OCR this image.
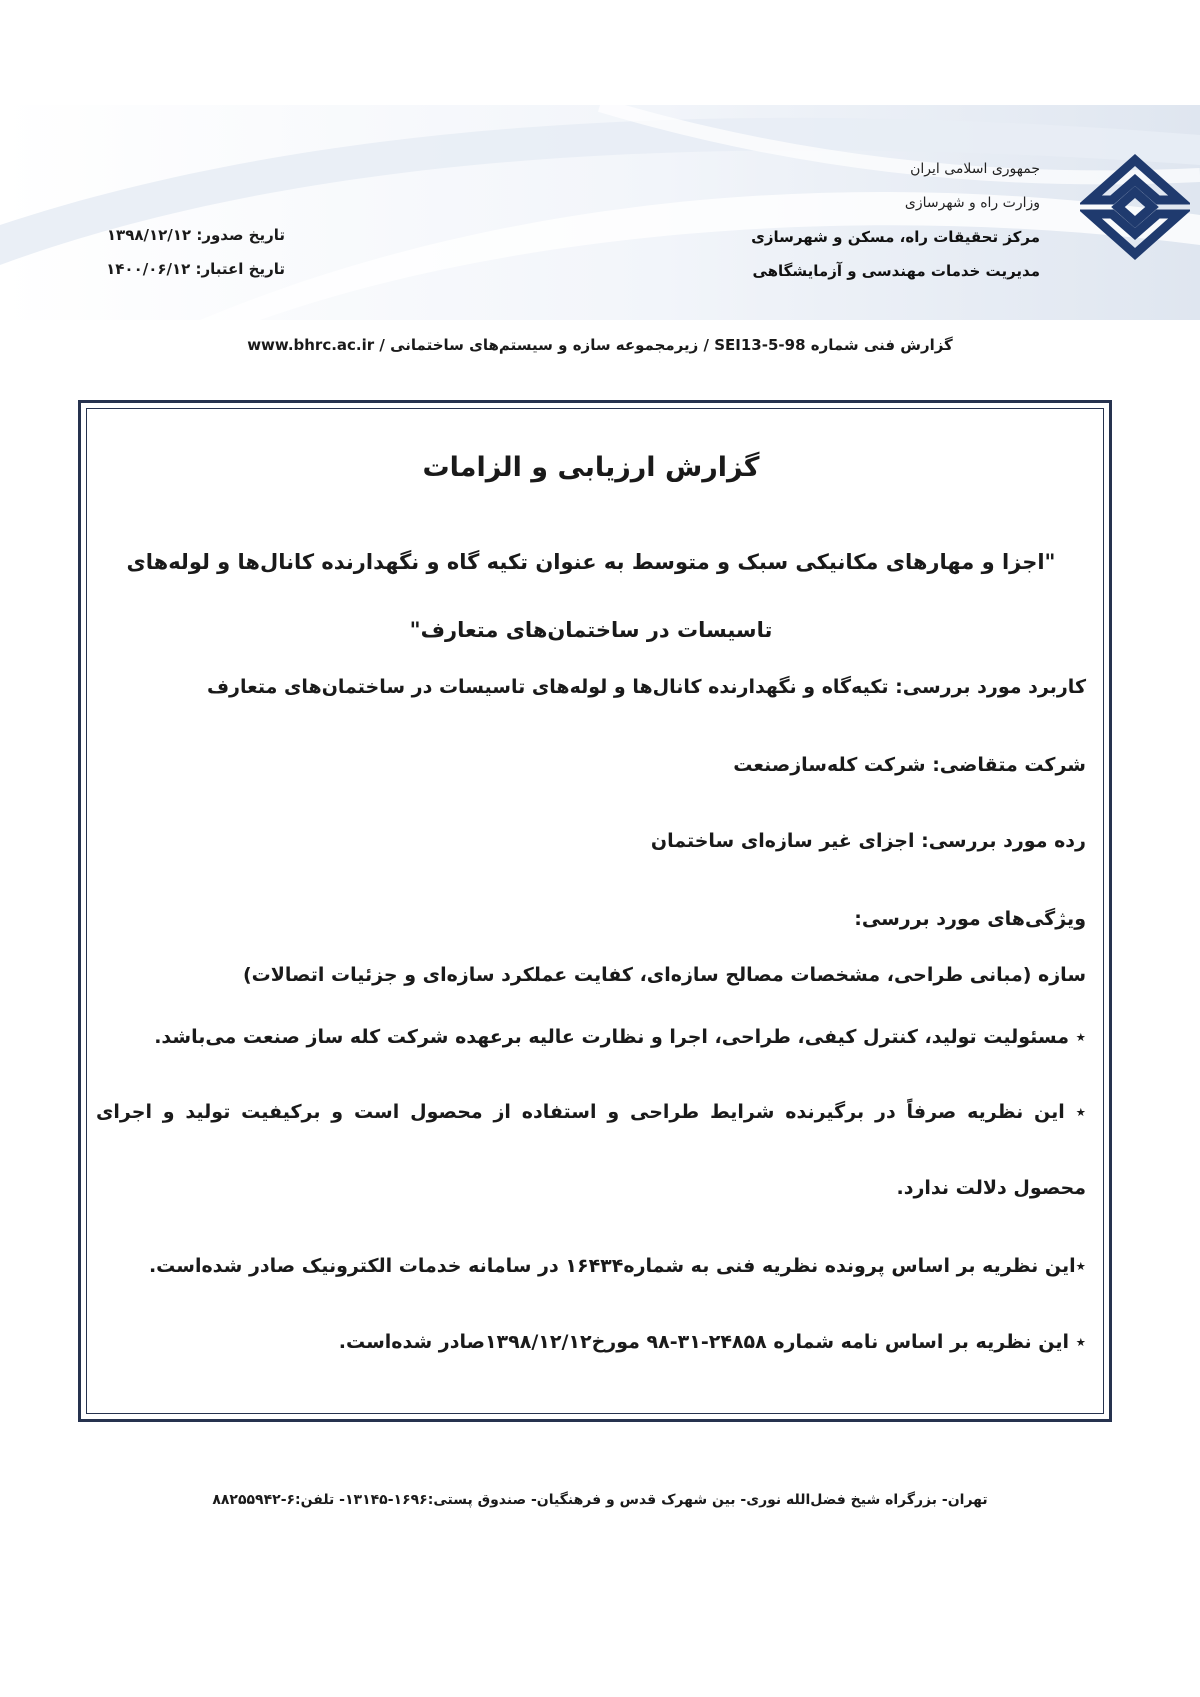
جمهوری اسلامی ایران
وزارت راه و شهرسازی
مرکز تحقیقات راه، مسکن و شهرسازی
مدیریت خدمات مهندسی و آزمایشگاهی
تاریخ صدور: ۱۳۹۸/۱۲/۱۲
تاریخ اعتبار: ۱۴۰۰/۰۶/۱۲
گزارش فنی شماره 98-5-SEI13 / زیرمجموعه سازه و سیستم‌های ساختمانی / www.bhrc.ac.ir
گزارش ارزیابی و الزامات
"اجزا و مهارهای مکانیکی سبک و متوسط به عنوان تکیه گاه و نگهدارنده کانال‌ها و لوله‌های
تاسیسات در ساختمان‌های متعارف"
کاربرد مورد بررسی: تکیه‌گاه و نگهدارنده کانال‌ها و لوله‌های تاسیسات در ساختمان‌های متعارف
شرکت متقاضی: شرکت کله‌سازصنعت
رده مورد بررسی: اجزای غیر سازه‌ای ساختمان
ویژگی‌های مورد بررسی:
سازه (مبانی طراحی، مشخصات مصالح سازه‌ای، کفایت عملکرد سازه‌ای و جزئیات اتصالات)
٭ مسئولیت تولید، کنترل کیفی، طراحی، اجرا و نظارت عالیه برعهده شرکت کله ساز صنعت می‌باشد.
٭ این نظریه صرفاً در برگیرنده شرایط طراحی و استفاده از محصول است و برکیفیت تولید و اجرای محصول دلالت ندارد.
٭این نظریه بر اساس پرونده نظریه فنی به شماره۱۶۴۳۴ در سامانه خدمات الکترونیک صادر شده‌است.
٭ این نظریه بر اساس نامه شماره ۲۴۸۵۸-۳۱-۹۸ مورخ۱۳۹۸/۱۲/۱۲صادر شده‌است.
تهران- بزرگراه شیخ فضل‌الله نوری- بین شهرک قدس و فرهنگیان- صندوق پستی:۱۶۹۶-۱۳۱۴۵- تلفن:۶-۸۸۲۵۵۹۴۲
